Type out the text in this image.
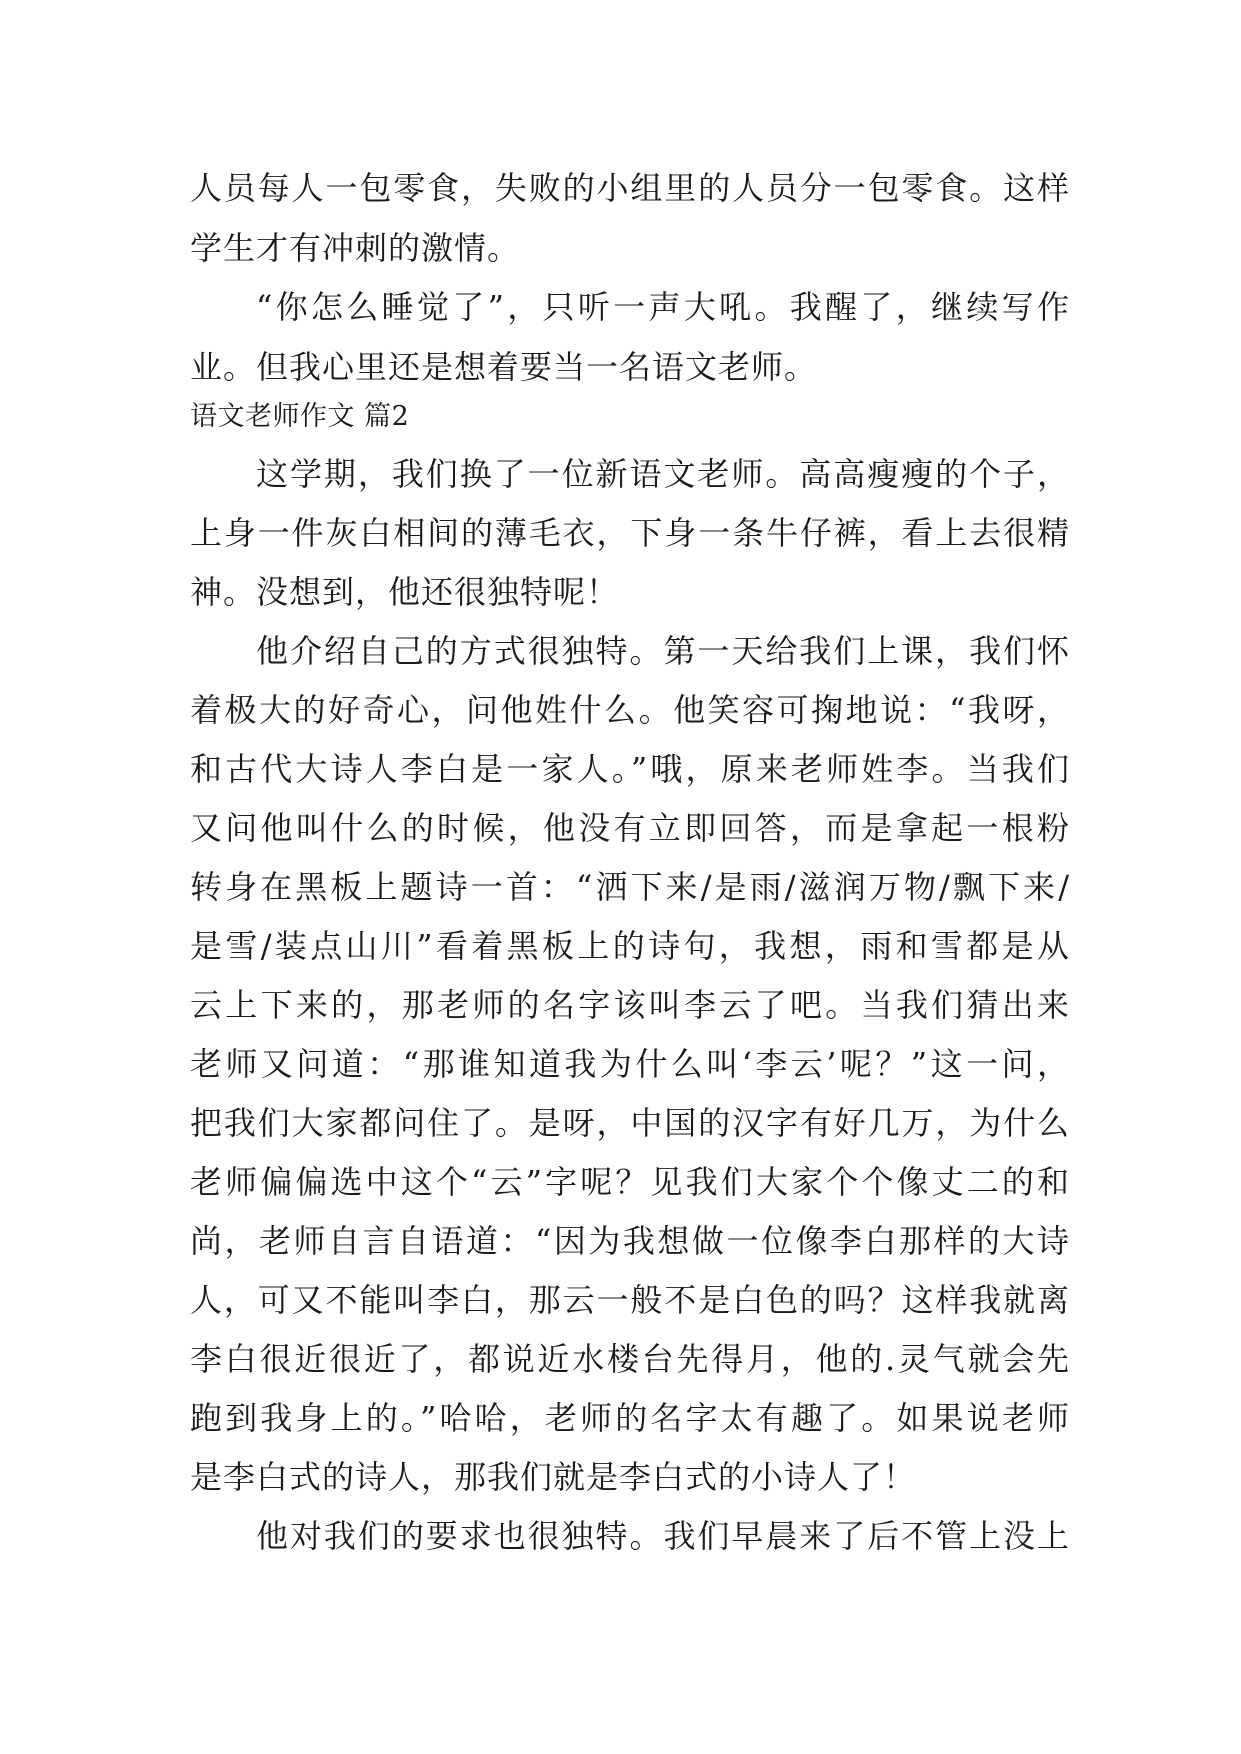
人员每人一包零食，失败的小组里的人员分一包零食。这样
学生才有冲刺的激情。
“你怎么睡觉了”，只听一声大吼。我醒了，继续写作
业。但我心里还是想着要当一名语文老师。
语文老师作文 篇2
这学期，我们换了一位新语文老师。高高瘦瘦的个子，
上身一件灰白相间的薄毛衣，下身一条牛仔裤，看上去很精
神。没想到，他还很独特呢！
他介绍自己的方式很独特。第一天给我们上课，我们怀
着极大的好奇心，问他姓什么。他笑容可掬地说：“我呀，
和古代大诗人李白是一家人。”哦，原来老师姓李。当我们
又问他叫什么的时候，他没有立即回答，而是拿起一根粉
转身在黑板上题诗一首：“洒下来/是雨/滋润万物/飘下来/
是雪/装点山川”看着黑板上的诗句，我想，雨和雪都是从
云上下来的，那老师的名字该叫李云了吧。当我们猜出来
老师又问道：“那谁知道我为什么叫‘李云’呢？”这一问，
把我们大家都问住了。是呀，中国的汉字有好几万，为什么
老师偏偏选中这个“云”字呢？见我们大家个个像丈二的和
尚，老师自言自语道：“因为我想做一位像李白那样的大诗
人，可又不能叫李白，那云一般不是白色的吗？这样我就离
李白很近很近了，都说近水楼台先得月，他的.灵气就会先
跑到我身上的。”哈哈，老师的名字太有趣了。如果说老师
是李白式的诗人，那我们就是李白式的小诗人了！
他对我们的要求也很独特。我们早晨来了后不管上没上
